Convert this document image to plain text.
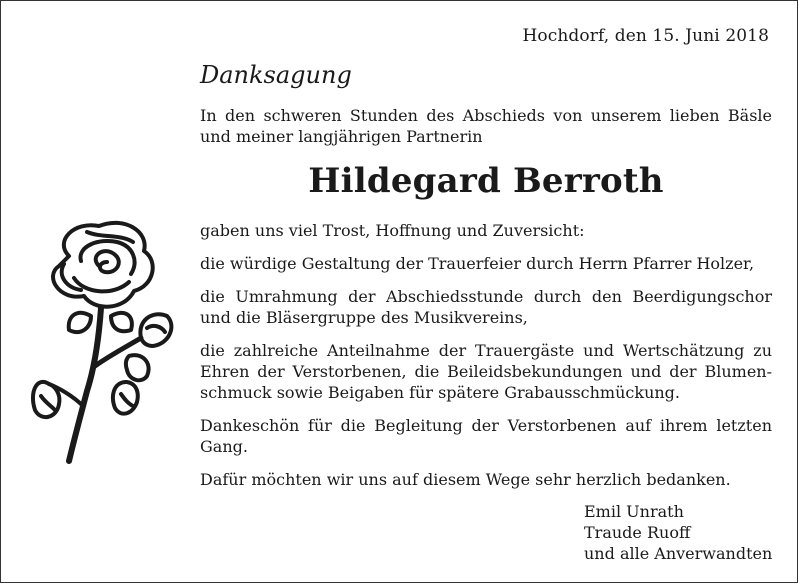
Hochdorf, den 15. Juni 2018
Danksagung
In den schweren Stunden des Abschieds von unserem lieben Bäsle und meiner langjährigen Partnerin
Hildegard Berroth

gaben uns viel Trost, Hoffnung und Zuversicht:

die würdige Gestaltung der Trauerfeier durch Herrn Pfarrer Holzer,

die Umrahmung der Abschiedsstunde durch den Beerdigungschor und die Bläsergruppe des Musikvereins,

die zahlreiche Anteilnahme der Trauergäste und Wertschätzung zu Ehren der Verstorbenen, die Beileidsbekundungen und der Blumenschmuck sowie Beigaben für spätere Grabausschmückung.

Dankeschön für die Begleitung der Verstorbenen auf ihrem letzten Gang.

Dafür möchten wir uns auf diesem Wege sehr herzlich bedanken.

Emil Unrath
Traude Ruoff
und alle Anverwandten
